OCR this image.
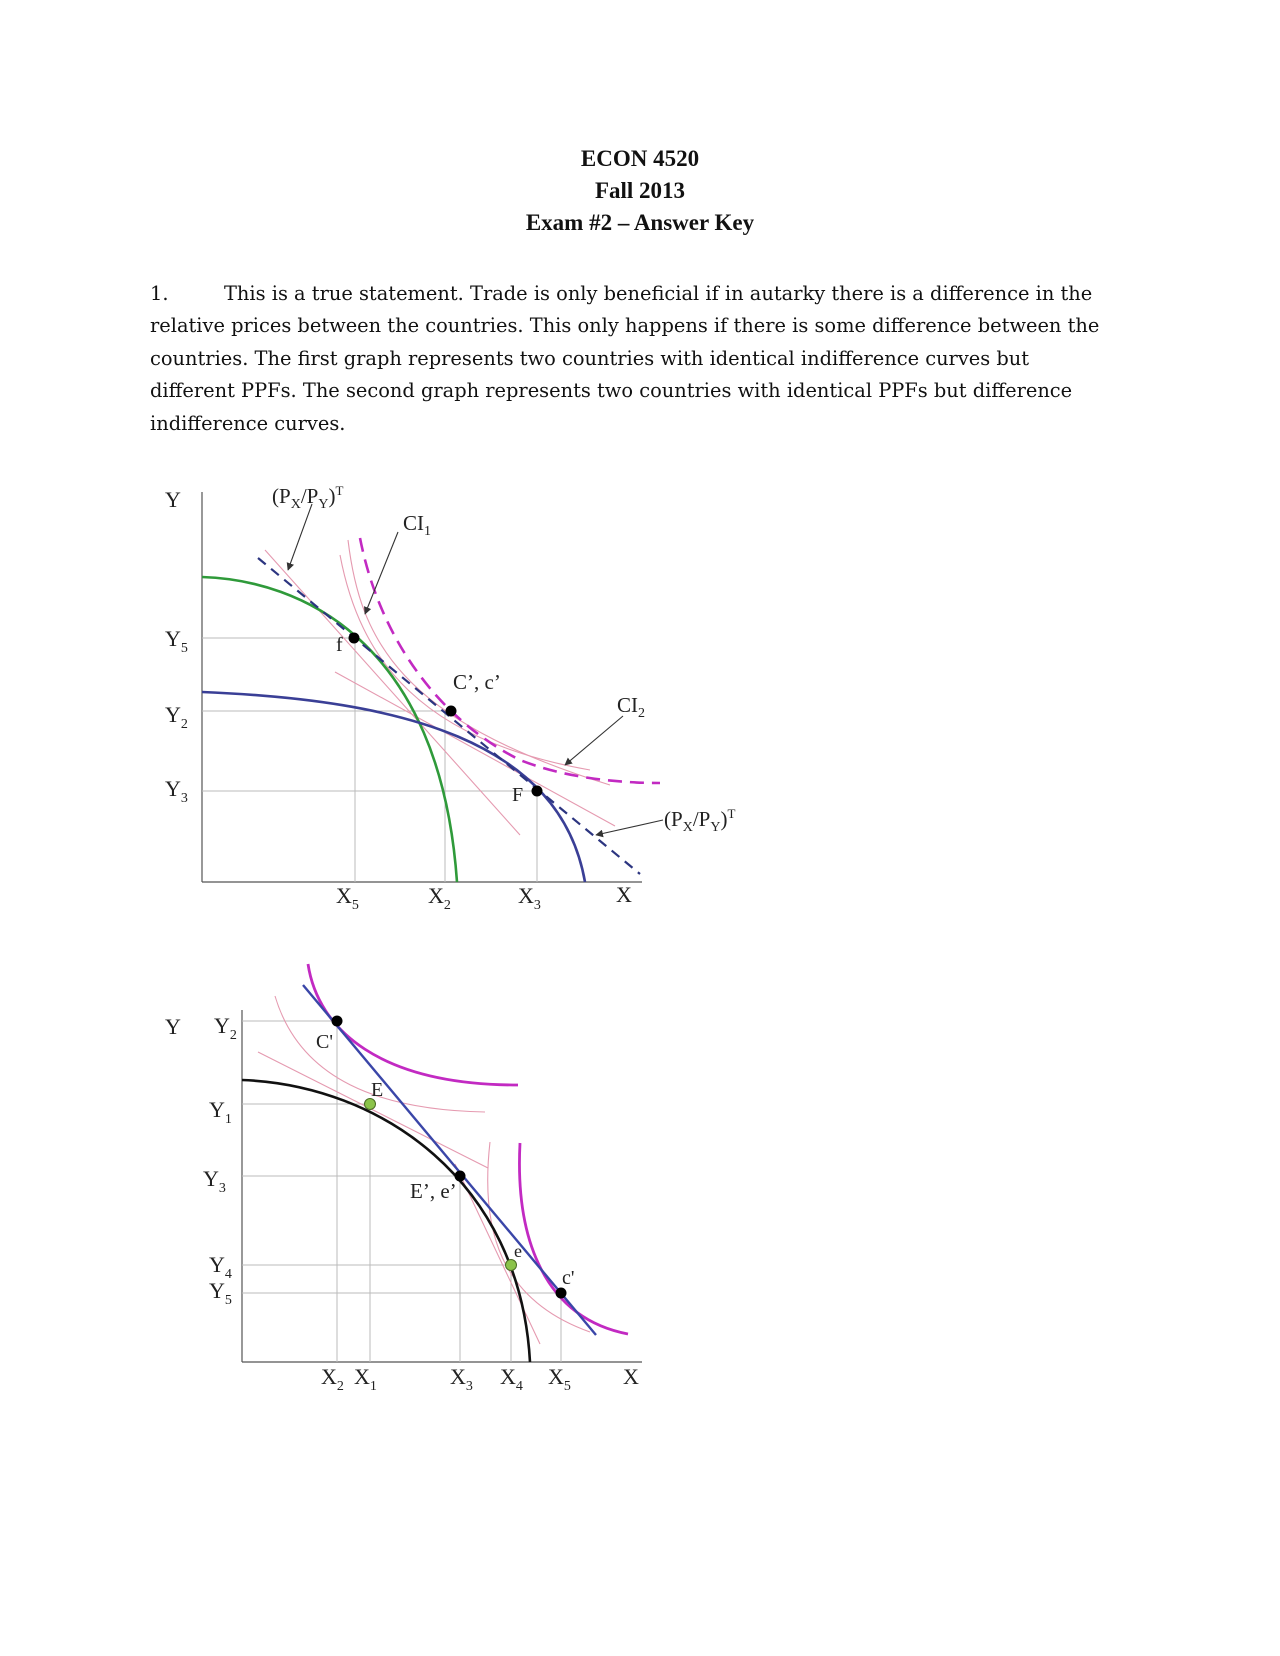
ECON 4520
Fall 2013
Exam #2 – Answer Key
1.	This is a true statement. Trade is only beneficial if in autarky there is a difference in the relative prices between the countries. This only happens if there is some difference between the countries. The first graph represents two countries with identical indifference curves but different PPFs. The second graph represents two countries with identical PPFs but difference indifference curves.
Y
X
$Y_5$
$Y_2$
$Y_3$
$X_5$	$X_2$	$X_3$
$(P_X/P_Y)^T$
$(P_X/P_Y)^T$
$CI_1$
$CI_2$
f
F
C’, c’
Y
X
$Y_2$
$Y_1$
$Y_3$
$Y_4$
$Y_5$
$X_2$ $X_1$	$X_3$ $X_4$ $X_5$
C'
E
E’, e’
e
c'
